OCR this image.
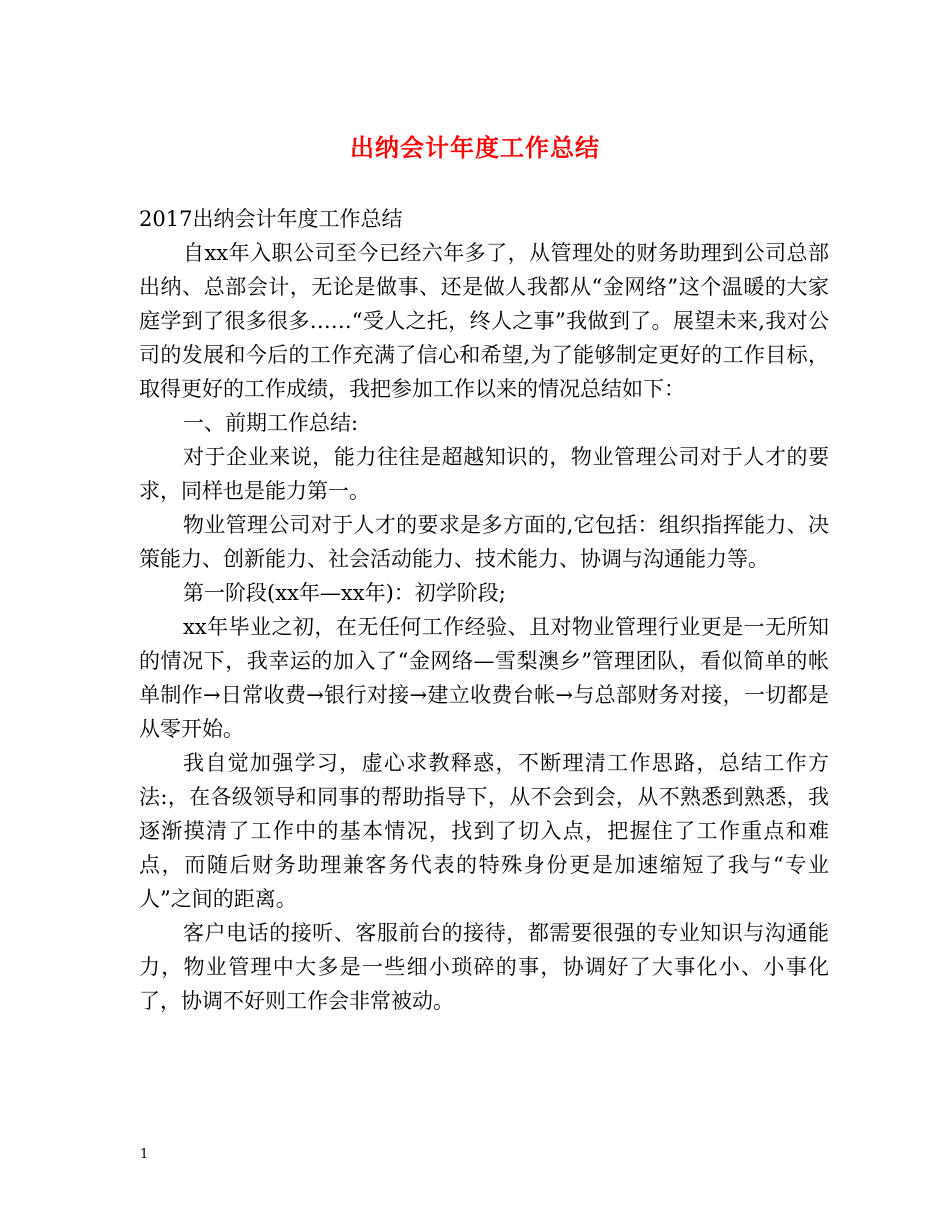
出纳会计年度工作总结

2017出纳会计年度工作总结

自xx年入职公司至今已经六年多了，从管理处的财务助理到公司总部出纳、总部会计，无论是做事、还是做人我都从“金网络”这个温暖的大家庭学到了很多很多……“受人之托，终人之事”我做到了。展望未来,我对公司的发展和今后的工作充满了信心和希望,为了能够制定更好的工作目标，取得更好的工作成绩，我把参加工作以来的情况总结如下：

一、前期工作总结:

对于企业来说，能力往往是超越知识的，物业管理公司对于人才的要求，同样也是能力第一。

物业管理公司对于人才的要求是多方面的,它包括：组织指挥能力、决策能力、创新能力、社会活动能力、技术能力、协调与沟通能力等。

第一阶段(xx年—xx年)：初学阶段;

xx年毕业之初，在无任何工作经验、且对物业管理行业更是一无所知的情况下，我幸运的加入了“金网络—雪梨澳乡”管理团队，看似简单的帐单制作→日常收费→银行对接→建立收费台帐→与总部财务对接，一切都是从零开始。

我自觉加强学习，虚心求教释惑，不断理清工作思路，总结工作方法:，在各级领导和同事的帮助指导下，从不会到会，从不熟悉到熟悉，我逐渐摸清了工作中的基本情况，找到了切入点，把握住了工作重点和难点，而随后财务助理兼客务代表的特殊身份更是加速缩短了我与“专业人”之间的距离。

客户电话的接听、客服前台的接待，都需要很强的专业知识与沟通能力，物业管理中大多是一些细小琐碎的事，协调好了大事化小、小事化了，协调不好则工作会非常被动。

1
